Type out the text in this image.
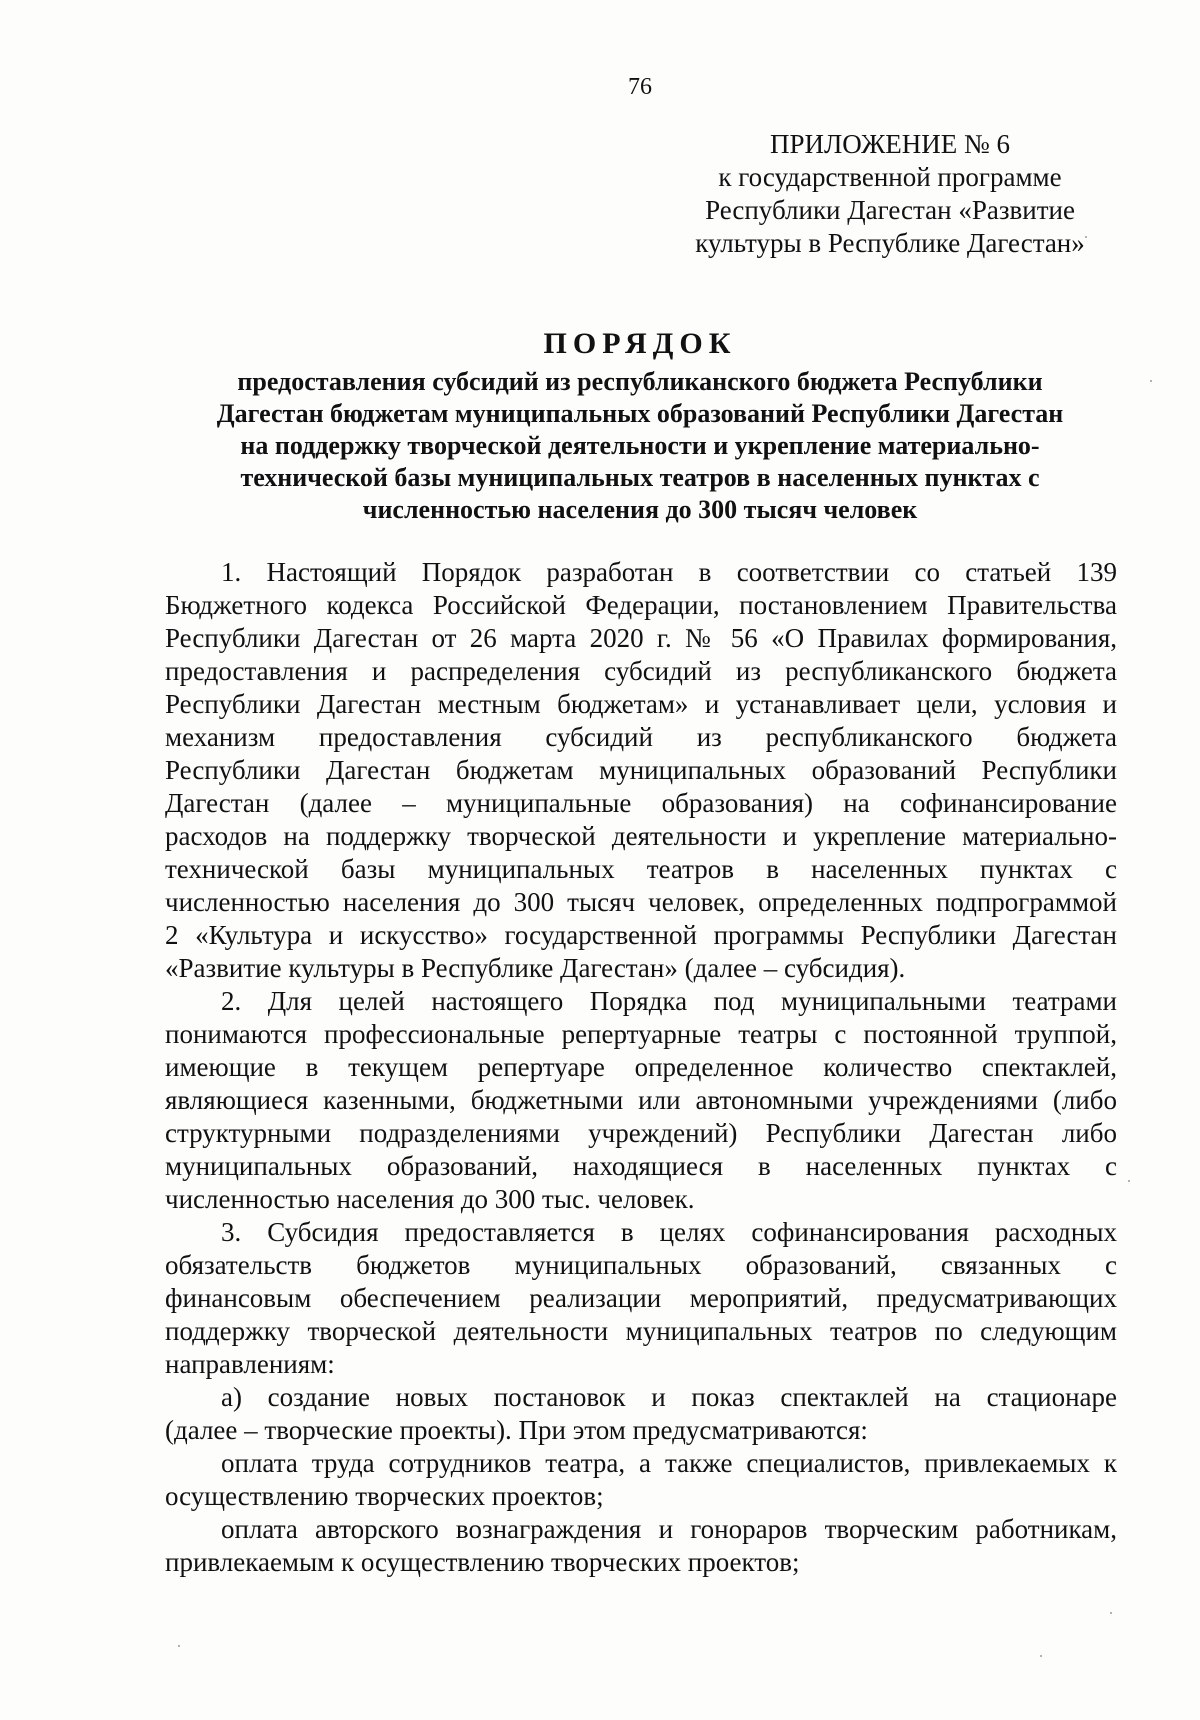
76
ПРИЛОЖЕНИЕ № 6
к государственной программе
Республики Дагестан «Развитие
культуры в Республике Дагестан»
ПОРЯДОК
предоставления субсидий из республиканского бюджета Республики
Дагестан бюджетам муниципальных образований Республики Дагестан
на поддержку творческой деятельности и укрепление материально-
технической базы муниципальных театров в населенных пунктах с
численностью населения до 300 тысяч человек
1. Настоящий Порядок разработан в соответствии со статьей 139
Бюджетного кодекса Российской Федерации, постановлением Правительства
Республики Дагестан от 26 марта 2020 г. № 56 «О Правилах формирования,
предоставления и распределения субсидий из республиканского бюджета
Республики Дагестан местным бюджетам» и устанавливает цели, условия и
механизм предоставления субсидий из республиканского бюджета
Республики Дагестан бюджетам муниципальных образований Республики
Дагестан (далее – муниципальные образования) на софинансирование
расходов на поддержку творческой деятельности и укрепление материально-
технической базы муниципальных театров в населенных пунктах с
численностью населения до 300 тысяч человек, определенных подпрограммой
2 «Культура и искусство» государственной программы Республики Дагестан
«Развитие культуры в Республике Дагестан» (далее – субсидия).
2. Для целей настоящего Порядка под муниципальными театрами
понимаются профессиональные репертуарные театры с постоянной труппой,
имеющие в текущем репертуаре определенное количество спектаклей,
являющиеся казенными, бюджетными или автономными учреждениями (либо
структурными подразделениями учреждений) Республики Дагестан либо
муниципальных образований, находящиеся в населенных пунктах с
численностью населения до 300 тыс. человек.
3. Субсидия предоставляется в целях софинансирования расходных
обязательств бюджетов муниципальных образований, связанных с
финансовым обеспечением реализации мероприятий, предусматривающих
поддержку творческой деятельности муниципальных театров по следующим
направлениям:
а) создание новых постановок и показ спектаклей на стационаре
(далее – творческие проекты). При этом предусматриваются:
оплата труда сотрудников театра, а также специалистов, привлекаемых к
осуществлению творческих проектов;
оплата авторского вознаграждения и гонораров творческим работникам,
привлекаемым к осуществлению творческих проектов;
